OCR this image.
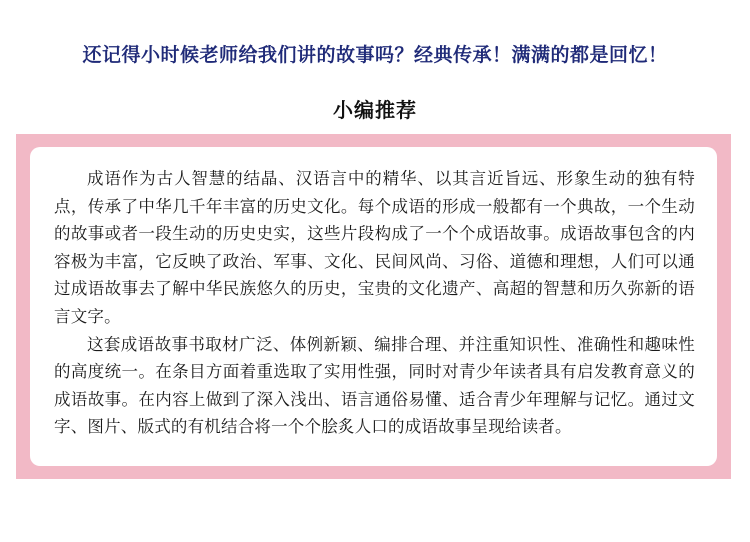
还记得小时候老师给我们讲的故事吗？经典传承！满满的都是回忆！
小编推荐

成语作为古人智慧的结晶、汉语言中的精华、以其言近旨远、形象生动的独有特点，传承了中华几千年丰富的历史文化。每个成语的形成一般都有一个典故，一个生动的故事或者一段生动的历史史实，这些片段构成了一个个成语故事。成语故事包含的内容极为丰富，它反映了政治、军事、文化、民间风尚、习俗、道德和理想，人们可以通过成语故事去了解中华民族悠久的历史，宝贵的文化遗产、高超的智慧和历久弥新的语言文字。

这套成语故事书取材广泛、体例新颖、编排合理、并注重知识性、准确性和趣味性的高度统一。在条目方面着重选取了实用性强，同时对青少年读者具有启发教育意义的成语故事。在内容上做到了深入浅出、语言通俗易懂、适合青少年理解与记忆。通过文字、图片、版式的有机结合将一个个脍炙人口的成语故事呈现给读者。
